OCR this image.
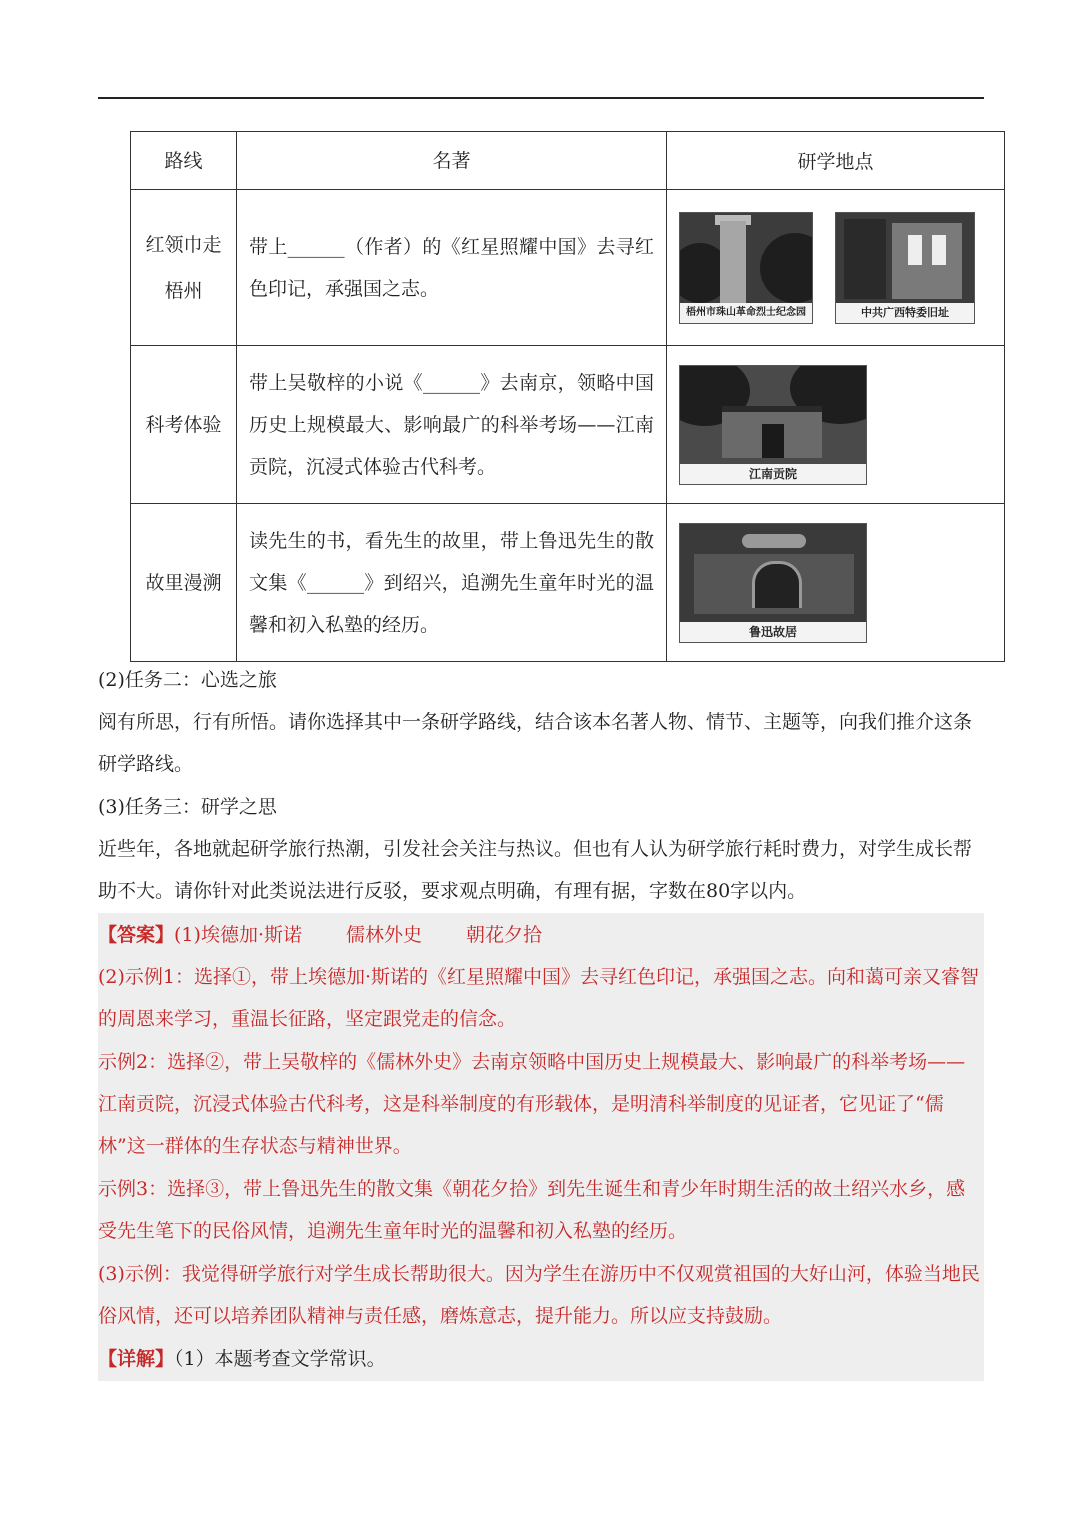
路线	名著	研学地点
红领巾走梧州	带上______（作者）的《红星照耀中国》去寻红色印记，承强国之志。	梧州市珠山革命烈士纪念园 中共广西特委旧址

科考体验	带上吴敬梓的小说《______》去南京，领略中国历史上规模最大、影响最广的科举考场——江南贡院，沉浸式体验古代科考。	江南贡院

故里漫溯	读先生的书，看先生的故里，带上鲁迅先生的散文集《______》到绍兴，追溯先生童年时光的温馨和初入私塾的经历。	鲁迅故居
(2)任务二：心选之旅
阅有所思，行有所悟。请你选择其中一条研学路线，结合该本名著人物、情节、主题等，向我们推介这条研学路线。
(3)任务三：研学之思
近些年，各地就起研学旅行热潮，引发社会关注与热议。但也有人认为研学旅行耗时费力，对学生成长帮助不大。请你针对此类说法进行反驳，要求观点明确，有理有据，字数在80字以内。
【答案】(1)埃德加·斯诺 儒林外史 朝花夕拾
(2)示例1：选择①，带上埃德加·斯诺的《红星照耀中国》去寻红色印记，承强国之志。向和蔼可亲又睿智的周恩来学习，重温长征路，坚定跟党走的信念。
示例2：选择②，带上吴敬梓的《儒林外史》去南京领略中国历史上规模最大、影响最广的科举考场——江南贡院，沉浸式体验古代科考，这是科举制度的有形载体，是明清科举制度的见证者，它见证了“儒林”这一群体的生存状态与精神世界。
示例3：选择③，带上鲁迅先生的散文集《朝花夕拾》到先生诞生和青少年时期生活的故土绍兴水乡，感受先生笔下的民俗风情，追溯先生童年时光的温馨和初入私塾的经历。
(3)示例：我觉得研学旅行对学生成长帮助很大。因为学生在游历中不仅观赏祖国的大好山河，体验当地民俗风情，还可以培养团队精神与责任感，磨炼意志，提升能力。所以应支持鼓励。
【详解】（1）本题考查文学常识。
